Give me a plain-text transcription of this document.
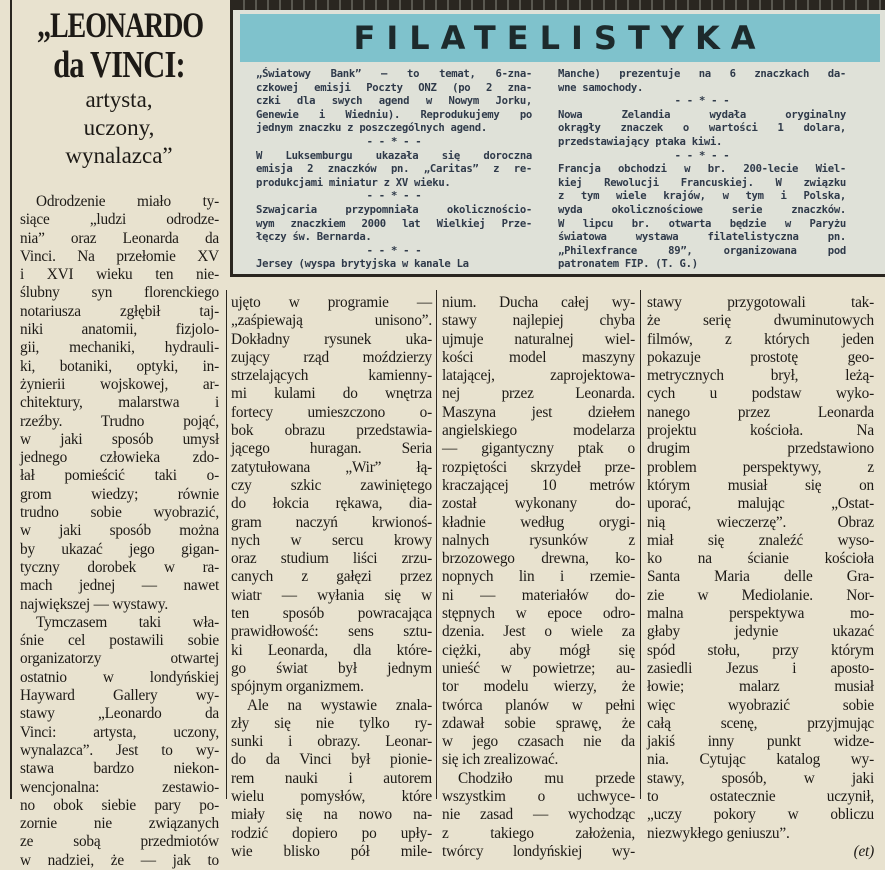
FILATELISTYKA
„Światowy Bank” — to temat, 6-zna-
czkowej emisji Poczty ONZ (po 2 zna-
czki dla swych agend w Nowym Jorku,
Genewie i Wiedniu). Reprodukujemy po
jednym znaczku z poszczególnych agend.
- - * - -
W Luksemburgu ukazała się doroczna
emisja 2 znaczków pn. „Caritas” z re-
produkcjami miniatur z XV wieku.
- - * - -
Szwajcaria przypomniała okolicznościo-
wym znaczkiem 2000 lat Wielkiej Prze-
łęczy św. Bernarda.
- - * - -
Jersey (wyspa brytyjska w kanale La
Manche) prezentuje na 6 znaczkach da-
wne samochody.
- - * - -
Nowa Zelandia wydała oryginalny
okrągły znaczek o wartości 1 dolara,
przedstawiający ptaka kiwi.
- - * - -
Francja obchodzi w br. 200-lecie Wiel-
kiej Rewolucji Francuskiej. W związku
z tym wiele krajów, w tym i Polska,
wyda okolicznościowe serie znaczków.
W lipcu br. otwarta będzie w Paryżu
światowa wystawa filatelistyczna pn.
„Philexfrance 89”, organizowana pod
patronatem FIP. (T. G.)
„LEONARDO
da VINCI:
artysta,
uczony,
wynalazca”
Odrodzenie miało ty-
siące „ludzi odrodze-
nia” oraz Leonarda da
Vinci. Na przełomie XV
i XVI wieku ten nie-
ślubny syn florenckiego
notariusza zgłębił taj-
niki anatomii, fizjolo-
gii, mechaniki, hydrauli-
ki, botaniki, optyki, in-
żynierii wojskowej, ar-
chitektury, malarstwa i
rzeźby. Trudno pojąć,
w jaki sposób umysł
jednego człowieka zdo-
łał pomieścić taki o-
grom wiedzy; równie
trudno sobie wyobrazić,
w jaki sposób można
by ukazać jego gigan-
tyczny dorobek w ra-
mach jednej — nawet
największej — wystawy.
Tymczasem taki wła-
śnie cel postawili sobie
organizatorzy otwartej
ostatnio w londyńskiej
Hayward Gallery wy-
stawy „Leonardo da
Vinci: artysta, uczony,
wynalazca”. Jest to wy-
stawa bardzo niekon-
wencjonalna: zestawio-
no obok siebie pary po-
zornie nie związanych
ze sobą przedmiotów
w nadziei, że — jak to
ujęto w programie —
„zaśpiewają unisono”.
Dokładny rysunek uka-
zujący rząd moździerzy
strzelających kamienny-
mi kulami do wnętrza
fortecy umieszczono o-
bok obrazu przedstawia-
jącego huragan. Seria
zatytułowana „Wir” łą-
czy szkic zawiniętego
do łokcia rękawa, dia-
gram naczyń krwionoś-
nych w sercu krowy
oraz studium liści zrzu-
canych z gałęzi przez
wiatr — wyłania się w
ten sposób powracająca
prawidłowość: sens sztu-
ki Leonarda, dla które-
go świat był jednym
spójnym organizmem.
Ale na wystawie znala-
zły się nie tylko ry-
sunki i obrazy. Leonar-
do da Vinci był pionie-
rem nauki i autorem
wielu pomysłów, które
miały się na nowo na-
rodzić dopiero po upły-
wie blisko pół mile-
nium. Ducha całej wy-
stawy najlepiej chyba
ujmuje naturalnej wiel-
kości model maszyny
latającej, zaprojektowa-
nej przez Leonarda.
Maszyna jest dziełem
angielskiego modelarza
— gigantyczny ptak o
rozpiętości skrzydeł prze-
kraczającej 10 metrów
został wykonany do-
kładnie według orygi-
nalnych rysunków z
brzozowego drewna, ko-
nopnych lin i rzemie-
ni — materiałów do-
stępnych w epoce odro-
dzenia. Jest o wiele za
ciężki, aby mógł się
unieść w powietrze; au-
tor modelu wierzy, że
twórca planów w pełni
zdawał sobie sprawę, że
w jego czasach nie da
się ich zrealizować.
Chodziło mu przede
wszystkim o uchwyce-
nie zasad — wychodząc
z takiego założenia,
twórcy londyńskiej wy-
stawy przygotowali tak-
że serię dwuminutowych
filmów, z których jeden
pokazuje prostotę geo-
metrycznych brył, leżą-
cych u podstaw wyko-
nanego przez Leonarda
projektu kościoła. Na
drugim przedstawiono
problem perspektywy, z
którym musiał się on
uporać, malując „Ostat-
nią wieczerzę”. Obraz
miał się znaleźć wyso-
ko na ścianie kościoła
Santa Maria delle Gra-
zie w Mediolanie. Nor-
malna perspektywa mo-
głaby jedynie ukazać
spód stołu, przy którym
zasiedli Jezus i aposto-
łowie; malarz musiał
więc wyobrazić sobie
całą scenę, przyjmując
jakiś inny punkt widze-
nia. Cytując katalog wy-
stawy, sposób, w jaki
to ostatecznie uczynił,
„uczy pokory w obliczu
niezwykłego geniuszu”.
(et)
